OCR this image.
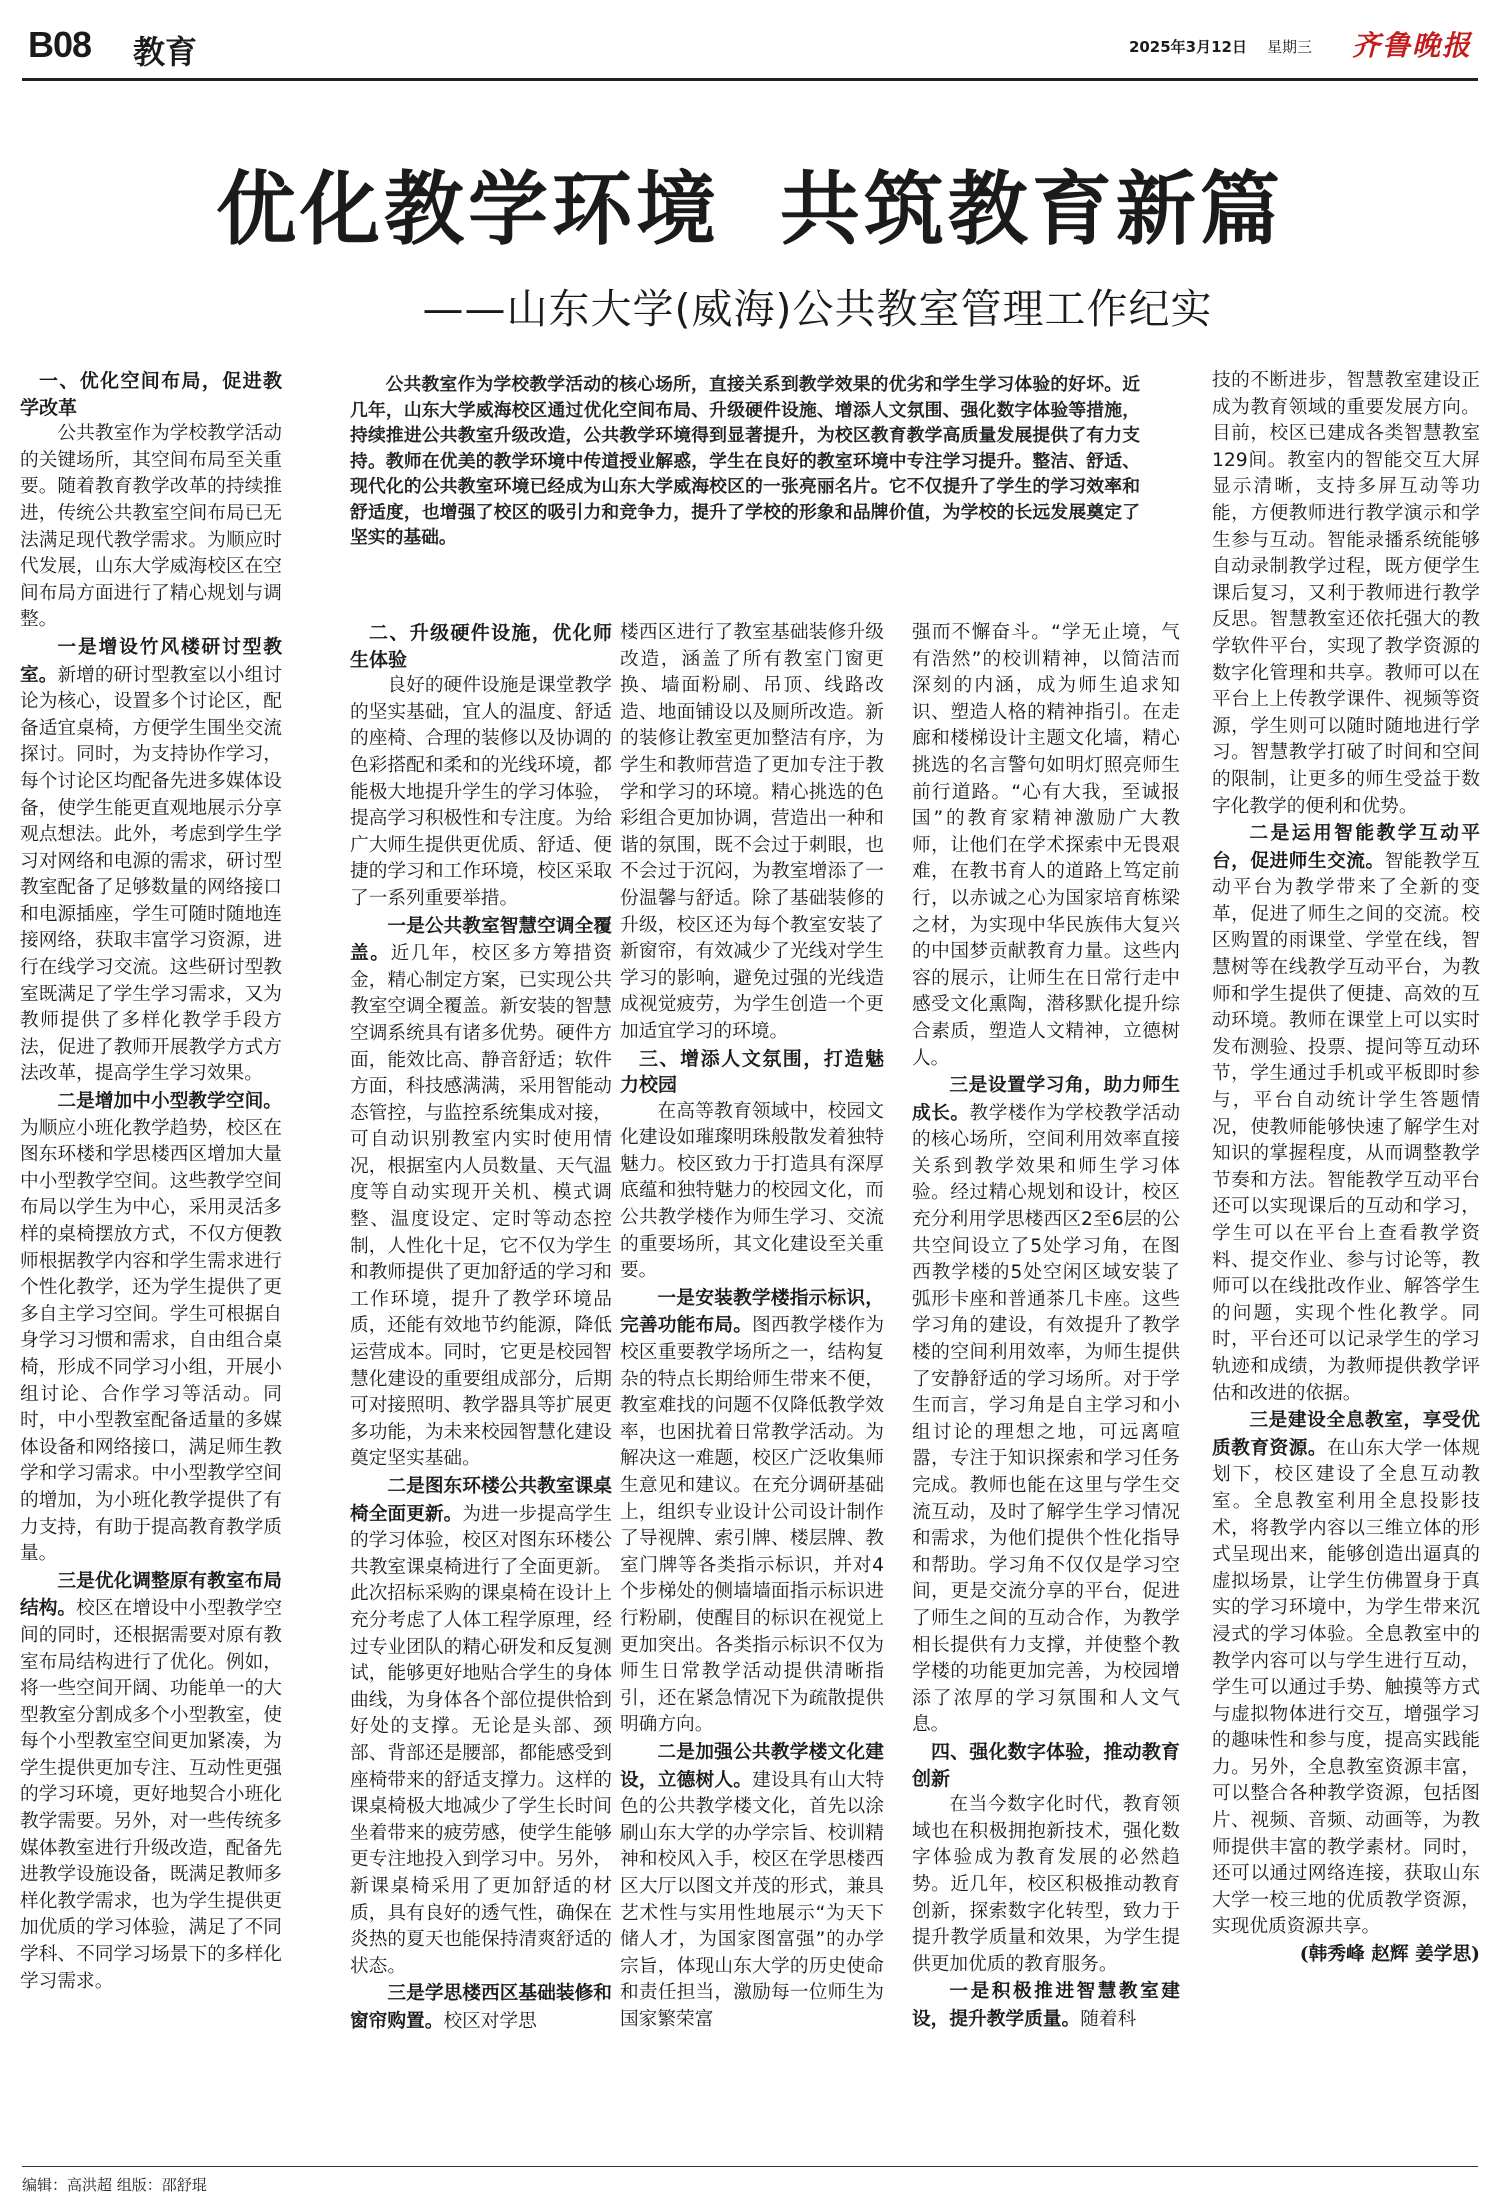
B08 教育	2025年3月12日 星期三 齐鲁晚报
优化教学环境 共筑教育新篇
——山东大学(威海)公共教室管理工作纪实
公共教室作为学校教学活动的核心场所，直接关系到教学效果的优劣和学生学习体验的好坏。近几年，山东大学威海校区通过优化空间布局、升级硬件设施、增添人文氛围、强化数字体验等措施，持续推进公共教室升级改造，公共教学环境得到显著提升，为校区教育教学高质量发展提供了有力支持。教师在优美的教学环境中传道授业解惑，学生在良好的教室环境中专注学习提升。整洁、舒适、现代化的公共教室环境已经成为山东大学威海校区的一张亮丽名片。它不仅提升了学生的学习效率和舒适度，也增强了校区的吸引力和竞争力，提升了学校的形象和品牌价值，为学校的长远发展奠定了坚实的基础。
一、优化空间布局，促进教学改革

公共教室作为学校教学活动的关键场所，其空间布局至关重要。随着教育教学改革的持续推进，传统公共教室空间布局已无法满足现代教学需求。为顺应时代发展，山东大学威海校区在空间布局方面进行了精心规划与调整。

一是增设竹风楼研讨型教室。新增的研讨型教室以小组讨论为核心，设置多个讨论区，配备适宜桌椅，方便学生围坐交流探讨。同时，为支持协作学习，每个讨论区均配备先进多媒体设备，使学生能更直观地展示分享观点想法。此外，考虑到学生学习对网络和电源的需求，研讨型教室配备了足够数量的网络接口和电源插座，学生可随时随地连接网络，获取丰富学习资源，进行在线学习交流。这些研讨型教室既满足了学生学习需求，又为教师提供了多样化教学手段方法，促进了教师开展教学方式方法改革，提高学生学习效果。

二是增加中小型教学空间。为顺应小班化教学趋势，校区在图东环楼和学思楼西区增加大量中小型教学空间。这些教学空间布局以学生为中心，采用灵活多样的桌椅摆放方式，不仅方便教师根据教学内容和学生需求进行个性化教学，还为学生提供了更多自主学习空间。学生可根据自身学习习惯和需求，自由组合桌椅，形成不同学习小组，开展小组讨论、合作学习等活动。同时，中小型教室配备适量的多媒体设备和网络接口，满足师生教学和学习需求。中小型教学空间的增加，为小班化教学提供了有力支持，有助于提高教育教学质量。

三是优化调整原有教室布局结构。校区在增设中小型教学空间的同时，还根据需要对原有教室布局结构进行了优化。例如，将一些空间开阔、功能单一的大型教室分割成多个小型教室，使每个小型教室空间更加紧凑，为学生提供更加专注、互动性更强的学习环境，更好地契合小班化教学需要。另外，对一些传统多媒体教室进行升级改造，配备先进教学设施设备，既满足教师多样化教学需求，也为学生提供更加优质的学习体验，满足了不同学科、不同学习场景下的多样化学习需求。

二、升级硬件设施，优化师生体验

良好的硬件设施是课堂教学的坚实基础，宜人的温度、舒适的座椅、合理的装修以及协调的色彩搭配和柔和的光线环境，都能极大地提升学生的学习体验，提高学习积极性和专注度。为给广大师生提供更优质、舒适、便捷的学习和工作环境，校区采取了一系列重要举措。

一是公共教室智慧空调全覆盖。近几年，校区多方筹措资金，精心制定方案，已实现公共教室空调全覆盖。新安装的智慧空调系统具有诸多优势。硬件方面，能效比高、静音舒适；软件方面，科技感满满，采用智能动态管控，与监控系统集成对接，可自动识别教室内实时使用情况，根据室内人员数量、天气温度等自动实现开关机、模式调整、温度设定、定时等动态控制，人性化十足，它不仅为学生和教师提供了更加舒适的学习和工作环境，提升了教学环境品质，还能有效地节约能源，降低运营成本。同时，它更是校园智慧化建设的重要组成部分，后期可对接照明、教学器具等扩展更多功能，为未来校园智慧化建设奠定坚实基础。

二是图东环楼公共教室课桌椅全面更新。为进一步提高学生的学习体验，校区对图东环楼公共教室课桌椅进行了全面更新。此次招标采购的课桌椅在设计上充分考虑了人体工程学原理，经过专业团队的精心研发和反复测试，能够更好地贴合学生的身体曲线，为身体各个部位提供恰到好处的支撑。无论是头部、颈部、背部还是腰部，都能感受到座椅带来的舒适支撑力。这样的课桌椅极大地减少了学生长时间坐着带来的疲劳感，使学生能够更专注地投入到学习中。另外，新课桌椅采用了更加舒适的材质，具有良好的透气性，确保在炎热的夏天也能保持清爽舒适的状态。

三是学思楼西区基础装修和窗帘购置。校区对学思

楼西区进行了教室基础装修升级改造，涵盖了所有教室门窗更换、墙面粉刷、吊顶、线路改造、地面铺设以及厕所改造。新的装修让教室更加整洁有序，为学生和教师营造了更加专注于教学和学习的环境。精心挑选的色彩组合更加协调，营造出一种和谐的氛围，既不会过于刺眼，也不会过于沉闷，为教室增添了一份温馨与舒适。除了基础装修的升级，校区还为每个教室安装了新窗帘，有效减少了光线对学生学习的影响，避免过强的光线造成视觉疲劳，为学生创造一个更加适宜学习的环境。

三、增添人文氛围，打造魅力校园

在高等教育领域中，校园文化建设如璀璨明珠般散发着独特魅力。校区致力于打造具有深厚底蕴和独特魅力的校园文化，而公共教学楼作为师生学习、交流的重要场所，其文化建设至关重要。

一是安装教学楼指示标识，完善功能布局。图西教学楼作为校区重要教学场所之一，结构复杂的特点长期给师生带来不便，教室难找的问题不仅降低教学效率，也困扰着日常教学活动。为解决这一难题，校区广泛收集师生意见和建议。在充分调研基础上，组织专业设计公司设计制作了导视牌、索引牌、楼层牌、教室门牌等各类指示标识，并对4个步梯处的侧墙墙面指示标识进行粉刷，使醒目的标识在视觉上更加突出。各类指示标识不仅为师生日常教学活动提供清晰指引，还在紧急情况下为疏散提供明确方向。

二是加强公共教学楼文化建设，立德树人。建设具有山大特色的公共教学楼文化，首先以涂刷山东大学的办学宗旨、校训精神和校风入手，校区在学思楼西区大厅以图文并茂的形式，兼具艺术性与实用性地展示“为天下储人才，为国家图富强”的办学宗旨，体现山东大学的历史使命和责任担当，激励每一位师生为国家繁荣富

强而不懈奋斗。“学无止境，气有浩然”的校训精神，以简洁而深刻的内涵，成为师生追求知识、塑造人格的精神指引。在走廊和楼梯设计主题文化墙，精心挑选的名言警句如明灯照亮师生前行道路。“心有大我，至诚报国”的教育家精神激励广大教师，让他们在学术探索中无畏艰难，在教书育人的道路上笃定前行，以赤诚之心为国家培育栋梁之材，为实现中华民族伟大复兴的中国梦贡献教育力量。这些内容的展示，让师生在日常行走中感受文化熏陶，潜移默化提升综合素质，塑造人文精神，立德树人。

三是设置学习角，助力师生成长。教学楼作为学校教学活动的核心场所，空间利用效率直接关系到教学效果和师生学习体验。经过精心规划和设计，校区充分利用学思楼西区2至6层的公共空间设立了5处学习角，在图西教学楼的5处空闲区域安装了弧形卡座和普通茶几卡座。这些学习角的建设，有效提升了教学楼的空间利用效率，为师生提供了安静舒适的学习场所。对于学生而言，学习角是自主学习和小组讨论的理想之地，可远离喧嚣，专注于知识探索和学习任务完成。教师也能在这里与学生交流互动，及时了解学生学习情况和需求，为他们提供个性化指导和帮助。学习角不仅仅是学习空间，更是交流分享的平台，促进了师生之间的互动合作，为教学相长提供有力支撑，并使整个教学楼的功能更加完善，为校园增添了浓厚的学习氛围和人文气息。

四、强化数字体验，推动教育创新

在当今数字化时代，教育领域也在积极拥抱新技术，强化数字体验成为教育发展的必然趋势。近几年，校区积极推动教育创新，探索数字化转型，致力于提升教学质量和效果，为学生提供更加优质的教育服务。

一是积极推进智慧教室建设，提升教学质量。随着科

技的不断进步，智慧教室建设正成为教育领域的重要发展方向。目前，校区已建成各类智慧教室129间。教室内的智能交互大屏显示清晰，支持多屏互动等功能，方便教师进行教学演示和学生参与互动。智能录播系统能够自动录制教学过程，既方便学生课后复习，又利于教师进行教学反思。智慧教室还依托强大的教学软件平台，实现了教学资源的数字化管理和共享。教师可以在平台上上传教学课件、视频等资源，学生则可以随时随地进行学习。智慧教学打破了时间和空间的限制，让更多的师生受益于数字化教学的便利和优势。

二是运用智能教学互动平台，促进师生交流。智能教学互动平台为教学带来了全新的变革，促进了师生之间的交流。校区购置的雨课堂、学堂在线，智慧树等在线教学互动平台，为教师和学生提供了便捷、高效的互动环境。教师在课堂上可以实时发布测验、投票、提问等互动环节，学生通过手机或平板即时参与，平台自动统计学生答题情况，使教师能够快速了解学生对知识的掌握程度，从而调整教学节奏和方法。智能教学互动平台还可以实现课后的互动和学习，学生可以在平台上查看教学资料、提交作业、参与讨论等，教师可以在线批改作业、解答学生的问题，实现个性化教学。同时，平台还可以记录学生的学习轨迹和成绩，为教师提供教学评估和改进的依据。

三是建设全息教室，享受优质教育资源。在山东大学一体规划下，校区建设了全息互动教室。全息教室利用全息投影技术，将教学内容以三维立体的形式呈现出来，能够创造出逼真的虚拟场景，让学生仿佛置身于真实的学习环境中，为学生带来沉浸式的学习体验。全息教室中的教学内容可以与学生进行互动，学生可以通过手势、触摸等方式与虚拟物体进行交互，增强学习的趣味性和参与度，提高实践能力。另外，全息教室资源丰富，可以整合各种教学资源，包括图片、视频、音频、动画等，为教师提供丰富的教学素材。同时，还可以通过网络连接，获取山东大学一校三地的优质教学资源，实现优质资源共享。

(韩秀峰 赵辉 姜学思)

编辑：高洪超 组版：邵舒琨
